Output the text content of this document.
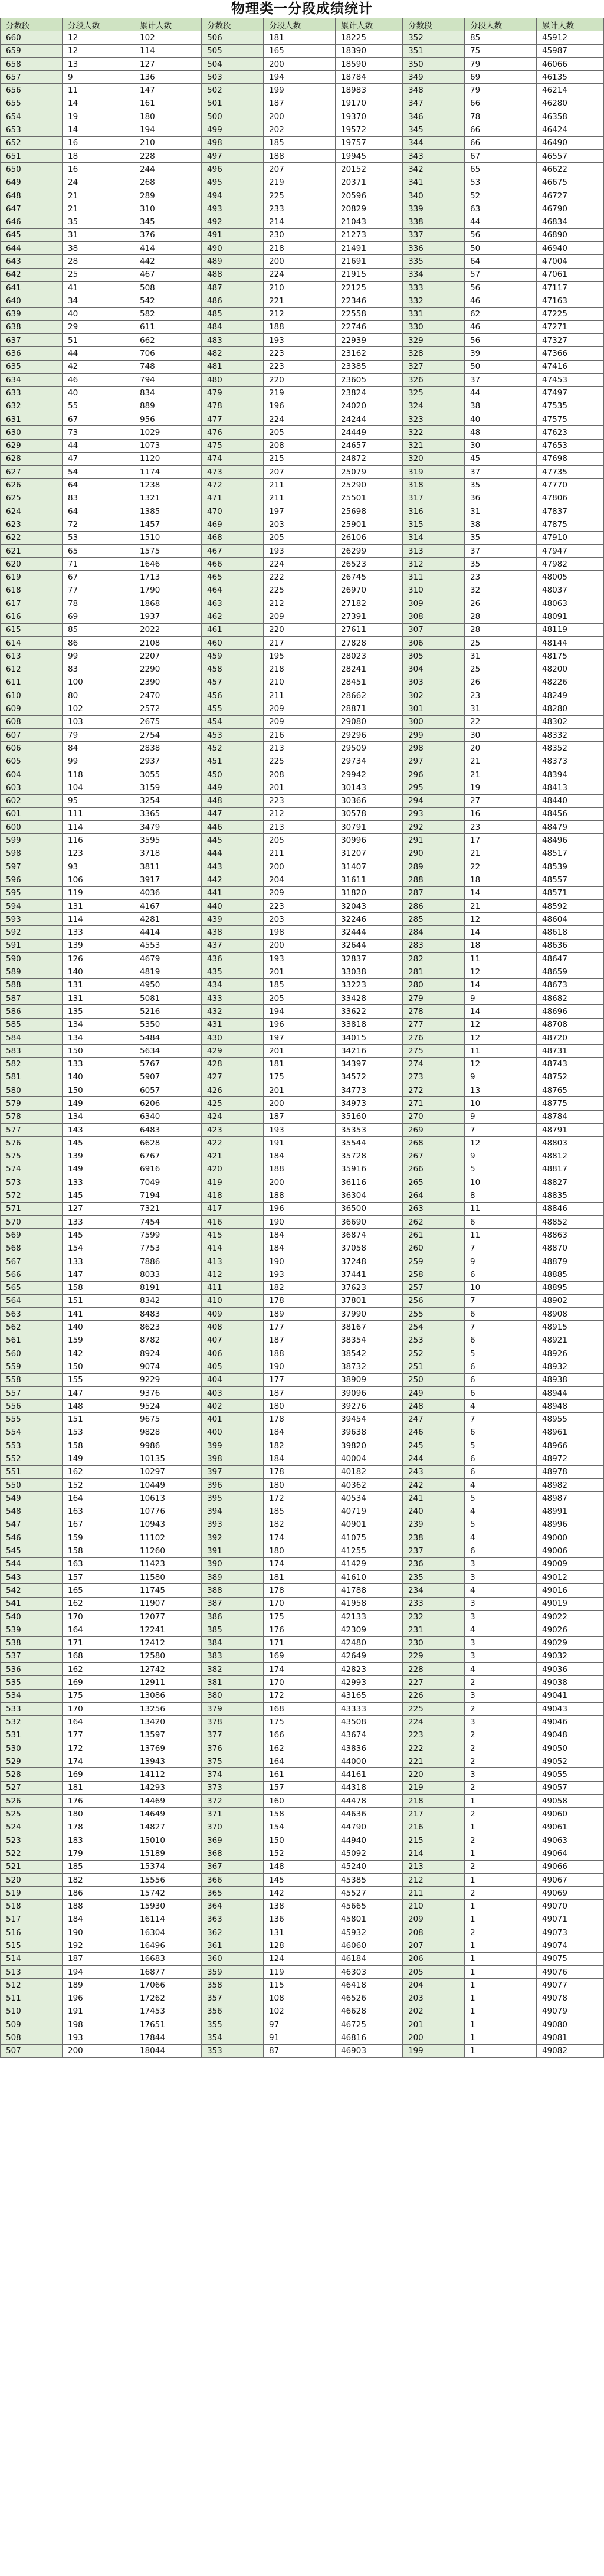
物理类一分段成绩统计
分数段	分段人数	累计人数	分数段	分段人数	累计人数	分数段	分段人数	累计人数
660	12	102	506	181	18225	352	85	45912
659	12	114	505	165	18390	351	75	45987
658	13	127	504	200	18590	350	79	46066
657	9	136	503	194	18784	349	69	46135
656	11	147	502	199	18983	348	79	46214
655	14	161	501	187	19170	347	66	46280
654	19	180	500	200	19370	346	78	46358
653	14	194	499	202	19572	345	66	46424
652	16	210	498	185	19757	344	66	46490
651	18	228	497	188	19945	343	67	46557
650	16	244	496	207	20152	342	65	46622
649	24	268	495	219	20371	341	53	46675
648	21	289	494	225	20596	340	52	46727
647	21	310	493	233	20829	339	63	46790
646	35	345	492	214	21043	338	44	46834
645	31	376	491	230	21273	337	56	46890
644	38	414	490	218	21491	336	50	46940
643	28	442	489	200	21691	335	64	47004
642	25	467	488	224	21915	334	57	47061
641	41	508	487	210	22125	333	56	47117
640	34	542	486	221	22346	332	46	47163
639	40	582	485	212	22558	331	62	47225
638	29	611	484	188	22746	330	46	47271
637	51	662	483	193	22939	329	56	47327
636	44	706	482	223	23162	328	39	47366
635	42	748	481	223	23385	327	50	47416
634	46	794	480	220	23605	326	37	47453
633	40	834	479	219	23824	325	44	47497
632	55	889	478	196	24020	324	38	47535
631	67	956	477	224	24244	323	40	47575
630	73	1029	476	205	24449	322	48	47623
629	44	1073	475	208	24657	321	30	47653
628	47	1120	474	215	24872	320	45	47698
627	54	1174	473	207	25079	319	37	47735
626	64	1238	472	211	25290	318	35	47770
625	83	1321	471	211	25501	317	36	47806
624	64	1385	470	197	25698	316	31	47837
623	72	1457	469	203	25901	315	38	47875
622	53	1510	468	205	26106	314	35	47910
621	65	1575	467	193	26299	313	37	47947
620	71	1646	466	224	26523	312	35	47982
619	67	1713	465	222	26745	311	23	48005
618	77	1790	464	225	26970	310	32	48037
617	78	1868	463	212	27182	309	26	48063
616	69	1937	462	209	27391	308	28	48091
615	85	2022	461	220	27611	307	28	48119
614	86	2108	460	217	27828	306	25	48144
613	99	2207	459	195	28023	305	31	48175
612	83	2290	458	218	28241	304	25	48200
611	100	2390	457	210	28451	303	26	48226
610	80	2470	456	211	28662	302	23	48249
609	102	2572	455	209	28871	301	31	48280
608	103	2675	454	209	29080	300	22	48302
607	79	2754	453	216	29296	299	30	48332
606	84	2838	452	213	29509	298	20	48352
605	99	2937	451	225	29734	297	21	48373
604	118	3055	450	208	29942	296	21	48394
603	104	3159	449	201	30143	295	19	48413
602	95	3254	448	223	30366	294	27	48440
601	111	3365	447	212	30578	293	16	48456
600	114	3479	446	213	30791	292	23	48479
599	116	3595	445	205	30996	291	17	48496
598	123	3718	444	211	31207	290	21	48517
597	93	3811	443	200	31407	289	22	48539
596	106	3917	442	204	31611	288	18	48557
595	119	4036	441	209	31820	287	14	48571
594	131	4167	440	223	32043	286	21	48592
593	114	4281	439	203	32246	285	12	48604
592	133	4414	438	198	32444	284	14	48618
591	139	4553	437	200	32644	283	18	48636
590	126	4679	436	193	32837	282	11	48647
589	140	4819	435	201	33038	281	12	48659
588	131	4950	434	185	33223	280	14	48673
587	131	5081	433	205	33428	279	9	48682
586	135	5216	432	194	33622	278	14	48696
585	134	5350	431	196	33818	277	12	48708
584	134	5484	430	197	34015	276	12	48720
583	150	5634	429	201	34216	275	11	48731
582	133	5767	428	181	34397	274	12	48743
581	140	5907	427	175	34572	273	9	48752
580	150	6057	426	201	34773	272	13	48765
579	149	6206	425	200	34973	271	10	48775
578	134	6340	424	187	35160	270	9	48784
577	143	6483	423	193	35353	269	7	48791
576	145	6628	422	191	35544	268	12	48803
575	139	6767	421	184	35728	267	9	48812
574	149	6916	420	188	35916	266	5	48817
573	133	7049	419	200	36116	265	10	48827
572	145	7194	418	188	36304	264	8	48835
571	127	7321	417	196	36500	263	11	48846
570	133	7454	416	190	36690	262	6	48852
569	145	7599	415	184	36874	261	11	48863
568	154	7753	414	184	37058	260	7	48870
567	133	7886	413	190	37248	259	9	48879
566	147	8033	412	193	37441	258	6	48885
565	158	8191	411	182	37623	257	10	48895
564	151	8342	410	178	37801	256	7	48902
563	141	8483	409	189	37990	255	6	48908
562	140	8623	408	177	38167	254	7	48915
561	159	8782	407	187	38354	253	6	48921
560	142	8924	406	188	38542	252	5	48926
559	150	9074	405	190	38732	251	6	48932
558	155	9229	404	177	38909	250	6	48938
557	147	9376	403	187	39096	249	6	48944
556	148	9524	402	180	39276	248	4	48948
555	151	9675	401	178	39454	247	7	48955
554	153	9828	400	184	39638	246	6	48961
553	158	9986	399	182	39820	245	5	48966
552	149	10135	398	184	40004	244	6	48972
551	162	10297	397	178	40182	243	6	48978
550	152	10449	396	180	40362	242	4	48982
549	164	10613	395	172	40534	241	5	48987
548	163	10776	394	185	40719	240	4	48991
547	167	10943	393	182	40901	239	5	48996
546	159	11102	392	174	41075	238	4	49000
545	158	11260	391	180	41255	237	6	49006
544	163	11423	390	174	41429	236	3	49009
543	157	11580	389	181	41610	235	3	49012
542	165	11745	388	178	41788	234	4	49016
541	162	11907	387	170	41958	233	3	49019
540	170	12077	386	175	42133	232	3	49022
539	164	12241	385	176	42309	231	4	49026
538	171	12412	384	171	42480	230	3	49029
537	168	12580	383	169	42649	229	3	49032
536	162	12742	382	174	42823	228	4	49036
535	169	12911	381	170	42993	227	2	49038
534	175	13086	380	172	43165	226	3	49041
533	170	13256	379	168	43333	225	2	49043
532	164	13420	378	175	43508	224	3	49046
531	177	13597	377	166	43674	223	2	49048
530	172	13769	376	162	43836	222	2	49050
529	174	13943	375	164	44000	221	2	49052
528	169	14112	374	161	44161	220	3	49055
527	181	14293	373	157	44318	219	2	49057
526	176	14469	372	160	44478	218	1	49058
525	180	14649	371	158	44636	217	2	49060
524	178	14827	370	154	44790	216	1	49061
523	183	15010	369	150	44940	215	2	49063
522	179	15189	368	152	45092	214	1	49064
521	185	15374	367	148	45240	213	2	49066
520	182	15556	366	145	45385	212	1	49067
519	186	15742	365	142	45527	211	2	49069
518	188	15930	364	138	45665	210	1	49070
517	184	16114	363	136	45801	209	1	49071
516	190	16304	362	131	45932	208	2	49073
515	192	16496	361	128	46060	207	1	49074
514	187	16683	360	124	46184	206	1	49075
513	194	16877	359	119	46303	205	1	49076
512	189	17066	358	115	46418	204	1	49077
511	196	17262	357	108	46526	203	1	49078
510	191	17453	356	102	46628	202	1	49079
509	198	17651	355	97	46725	201	1	49080
508	193	17844	354	91	46816	200	1	49081
507	200	18044	353	87	46903	199	1	49082
